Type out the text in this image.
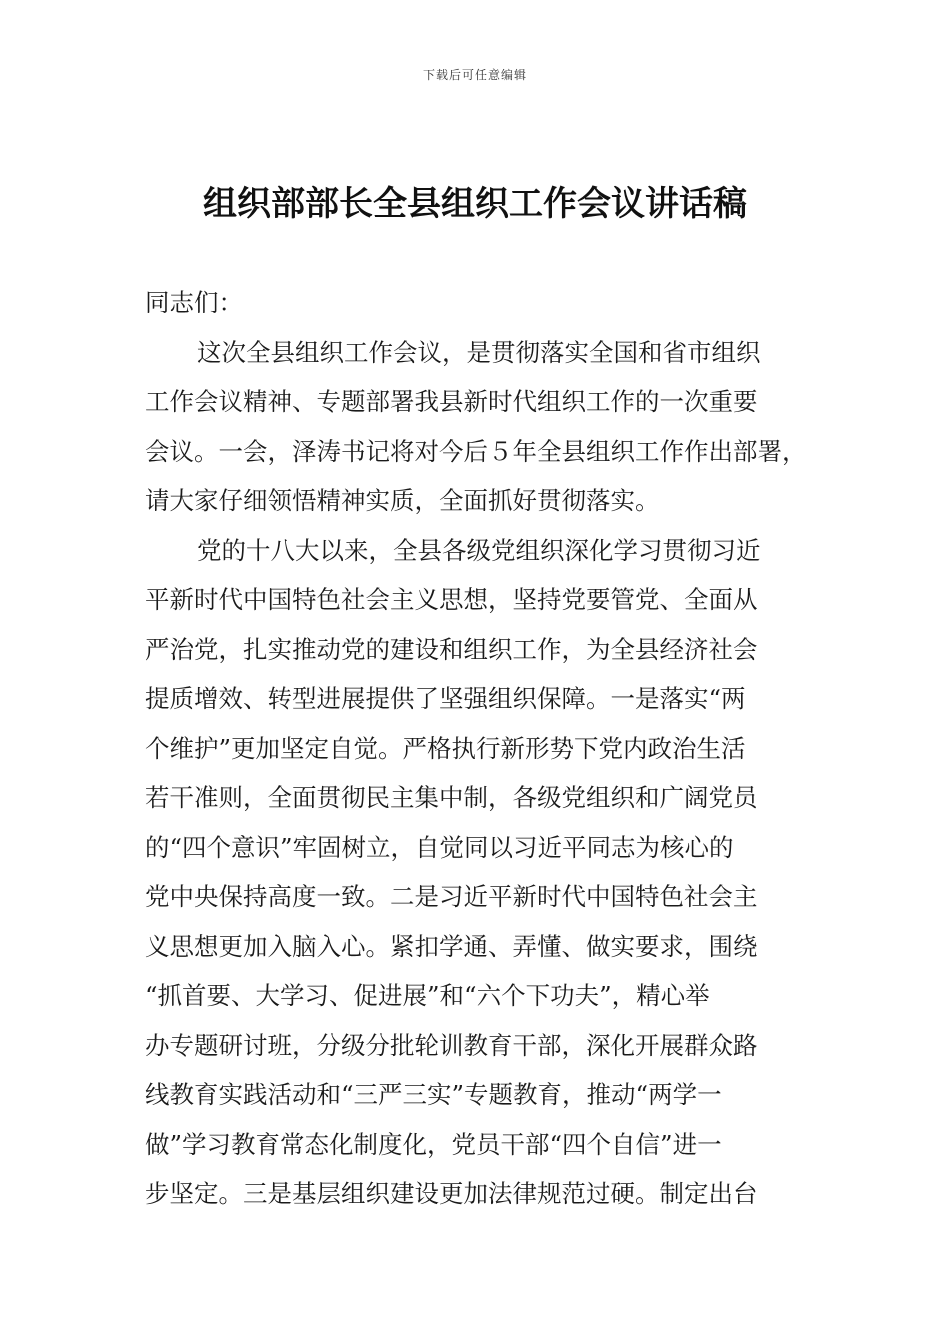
下载后可任意编辑
组织部部长全县组织工作会议讲话稿
同志们：
这次全县组织工作会议，是贯彻落实全国和省市组织
工作会议精神、专题部署我县新时代组织工作的一次重要
会议。一会，泽涛书记将对今后５年全县组织工作作出部署，
请大家仔细领悟精神实质，全面抓好贯彻落实。
党的十八大以来，全县各级党组织深化学习贯彻习近
平新时代中国特色社会主义思想，坚持党要管党、全面从
严治党，扎实推动党的建设和组织工作，为全县经济社会
提质增效、转型进展提供了坚强组织保障。一是落实“两
个维护”更加坚定自觉。严格执行新形势下党内政治生活
若干准则，全面贯彻民主集中制，各级党组织和广阔党员
的“四个意识”牢固树立，自觉同以习近平同志为核心的
党中央保持高度一致。二是习近平新时代中国特色社会主
义思想更加入脑入心。紧扣学通、弄懂、做实要求，围绕
“抓首要、大学习、促进展”和“六个下功夫”，精心举
办专题研讨班，分级分批轮训教育干部，深化开展群众路
线教育实践活动和“三严三实”专题教育，推动“两学一
做”学习教育常态化制度化，党员干部“四个自信”进一
步坚定。三是基层组织建设更加法律规范过硬。制定出台
